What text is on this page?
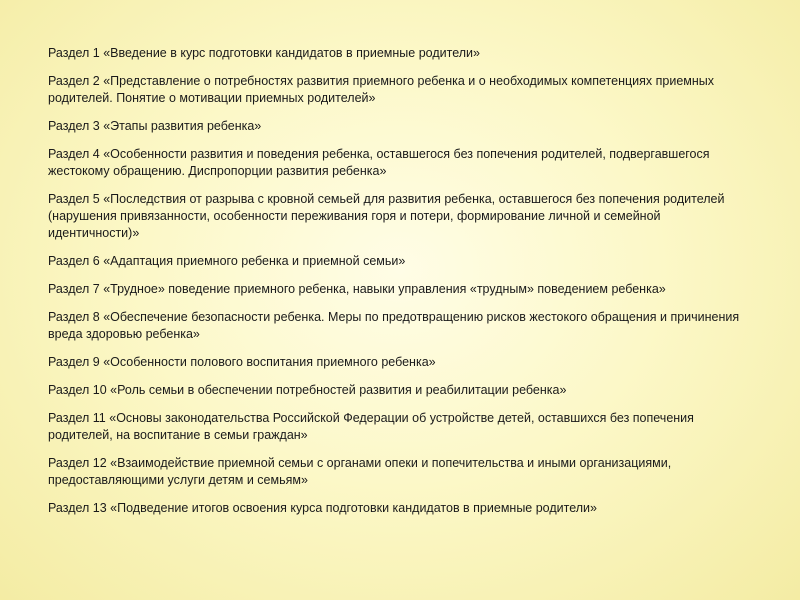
Раздел 1 «Введение в курс подготовки кандидатов в приемные родители»
Раздел 2 «Представление о потребностях развития приемного ребенка и о необходимых компетенциях приемных родителей. Понятие о мотивации приемных родителей»
Раздел 3 «Этапы развития ребенка»
Раздел 4 «Особенности развития и поведения ребенка, оставшегося без попечения родителей, подвергавшегося жестокому обращению. Диспропорции развития ребенка»
Раздел 5 «Последствия от разрыва с кровной семьей для развития ребенка, оставшегося без попечения родителей (нарушения привязанности, особенности переживания горя и потери, формирование личной и семейной идентичности)»
Раздел 6 «Адаптация приемного ребенка и приемной семьи»
Раздел 7 «Трудное» поведение приемного ребенка, навыки управления «трудным» поведением ребенка»
Раздел 8 «Обеспечение безопасности ребенка. Меры по предотвращению рисков жестокого обращения и причинения вреда здоровью ребенка»
Раздел 9 «Особенности полового воспитания приемного ребенка»
Раздел 10 «Роль семьи в обеспечении потребностей развития и реабилитации ребенка»
Раздел 11 «Основы законодательства Российской Федерации об устройстве детей, оставшихся без попечения родителей, на воспитание в семьи граждан»
Раздел 12 «Взаимодействие приемной семьи с органами опеки и попечительства и иными организациями, предоставляющими услуги детям и семьям»
Раздел 13 «Подведение итогов освоения курса подготовки кандидатов в приемные родители»
